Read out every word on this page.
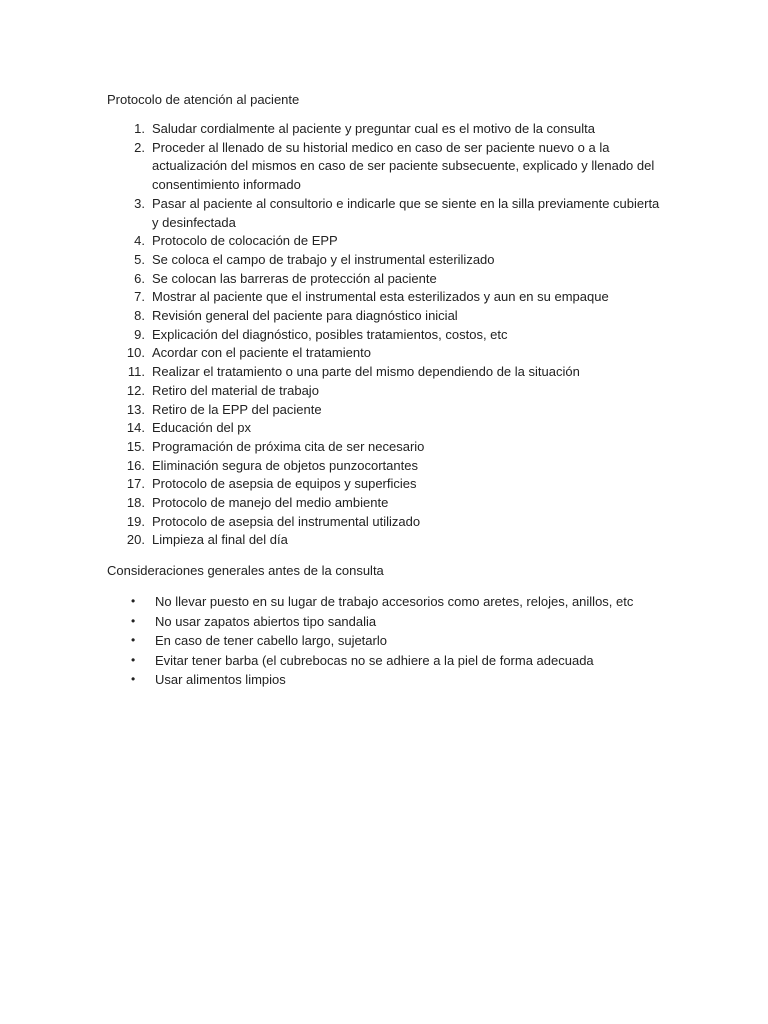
Protocolo de atención al paciente
1. Saludar cordialmente al paciente y preguntar cual es el motivo de la consulta
2. Proceder al llenado de su historial medico en caso de ser paciente nuevo o a la actualización del mismos en caso de ser paciente subsecuente, explicado y llenado del consentimiento informado
3. Pasar al paciente al consultorio e indicarle que se siente en la silla previamente cubierta y desinfectada
4. Protocolo de colocación de EPP
5. Se coloca el campo de trabajo y el instrumental esterilizado
6. Se colocan las barreras de protección al paciente
7. Mostrar al paciente que el instrumental esta esterilizados y aun en su empaque
8. Revisión general del paciente para diagnóstico inicial
9. Explicación del diagnóstico, posibles tratamientos, costos, etc
10. Acordar con el paciente el tratamiento
11. Realizar el tratamiento o una parte del mismo dependiendo de la situación
12. Retiro del material de trabajo
13. Retiro de la EPP del paciente
14. Educación del px
15. Programación de próxima cita de ser necesario
16. Eliminación segura de objetos punzocortantes
17. Protocolo de asepsia de equipos y superficies
18. Protocolo de manejo del medio ambiente
19. Protocolo de asepsia del instrumental utilizado
20. Limpieza al final del día
Consideraciones generales antes de la consulta
• No llevar puesto en su lugar de trabajo accesorios como aretes, relojes, anillos, etc
• No usar zapatos abiertos tipo sandalia
• En caso de tener cabello largo, sujetarlo
• Evitar tener barba (el cubrebocas no se adhiere a la piel de forma adecuada
• Usar alimentos limpios
